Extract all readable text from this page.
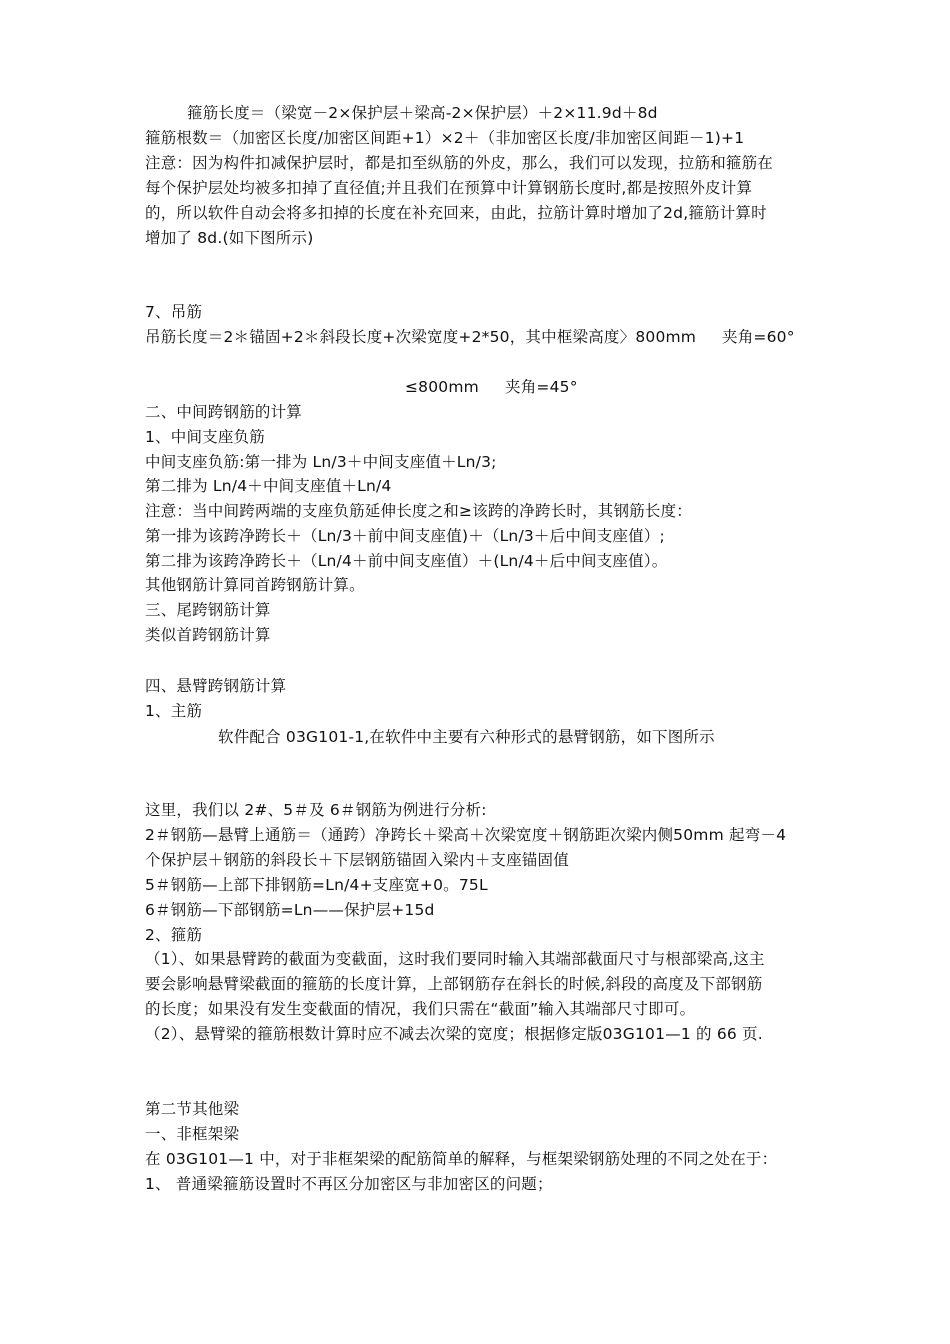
箍筋长度＝（梁宽－2×保护层＋梁高-2×保护层）＋2×11.9d＋8d
箍筋根数＝（加密区长度/加密区间距+1）×2＋（非加密区长度/非加密区间距－1)+1
注意：因为构件扣减保护层时，都是扣至纵筋的外皮，那么，我们可以发现，拉筋和箍筋在
每个保护层处均被多扣掉了直径值;并且我们在预算中计算钢筋长度时,都是按照外皮计算
的，所以软件自动会将多扣掉的长度在补充回来，由此，拉筋计算时增加了2d,箍筋计算时
增加了 8d.(如下图所示)
7、吊筋
吊筋长度＝2＊锚固+2＊斜段长度+次梁宽度+2*50，其中框梁高度〉800mm 夹角=60°
≤800mm 夹角=45°
二、中间跨钢筋的计算
1、中间支座负筋
中间支座负筋:第一排为 Ln/3＋中间支座值＋Ln/3;
第二排为 Ln/4＋中间支座值＋Ln/4
注意：当中间跨两端的支座负筋延伸长度之和≥该跨的净跨长时，其钢筋长度：
第一排为该跨净跨长＋（Ln/3＋前中间支座值)＋（Ln/3＋后中间支座值）;
第二排为该跨净跨长＋（Ln/4＋前中间支座值）＋(Ln/4＋后中间支座值）。
其他钢筋计算同首跨钢筋计算。
三、尾跨钢筋计算
类似首跨钢筋计算
四、悬臂跨钢筋计算
1、主筋
软件配合 03G101-1,在软件中主要有六种形式的悬臂钢筋，如下图所示
这里，我们以 2#、5＃及 6＃钢筋为例进行分析:
2＃钢筋—悬臂上通筋＝（通跨）净跨长＋梁高＋次梁宽度＋钢筋距次梁内侧50mm 起弯－4
个保护层＋钢筋的斜段长＋下层钢筋锚固入梁内＋支座锚固值
5＃钢筋—上部下排钢筋=Ln/4+支座宽+0。75L
6＃钢筋—下部钢筋=Ln——保护层+15d
2、箍筋
（1）、如果悬臂跨的截面为变截面，这时我们要同时输入其端部截面尺寸与根部梁高,这主
要会影响悬臂梁截面的箍筋的长度计算，上部钢筋存在斜长的时候,斜段的高度及下部钢筋
的长度；如果没有发生变截面的情况，我们只需在“截面”输入其端部尺寸即可。
（2）、悬臂梁的箍筋根数计算时应不减去次梁的宽度；根据修定版03G101—1 的 66 页.
第二节其他梁
一、非框架梁
在 03G101—1 中，对于非框架梁的配筋简单的解释，与框架梁钢筋处理的不同之处在于：
1、 普通梁箍筋设置时不再区分加密区与非加密区的问题；
